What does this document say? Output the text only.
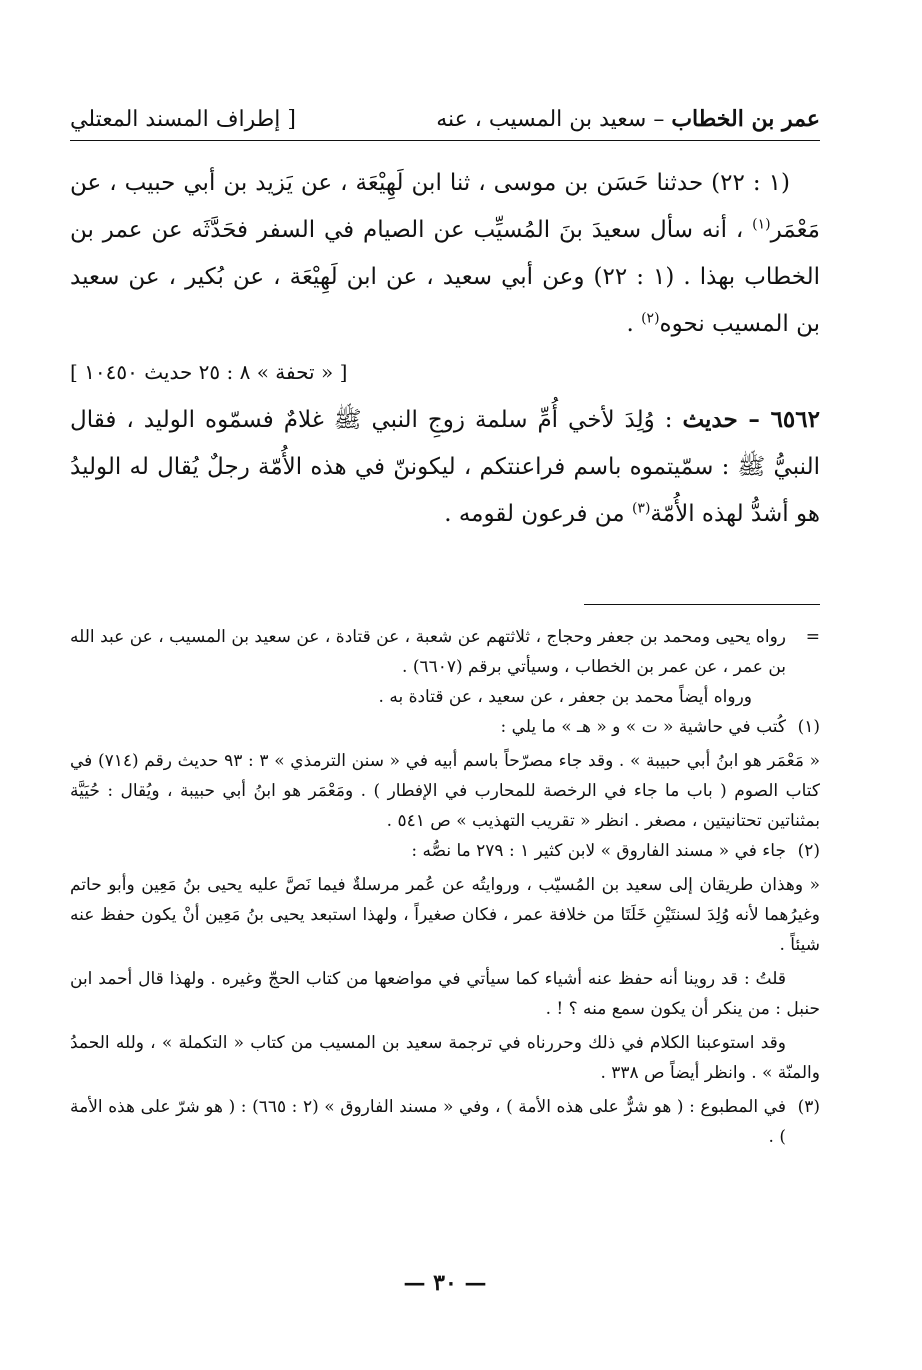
عمر بن الخطاب – سعيد بن المسيب ، عنه
[ إطراف المسند المعتلي

(١ : ٢٢) حدثنا حَسَن بن موسى ، ثنا ابن لَهِيْعَة ، عن يَزيد بن أبي حبيب ، عن مَعْمَر$^{(١)}$ ، أنه سأل سعيدَ بنَ المُسيِّب عن الصيام في السفر فحَدَّثَه عن عمر بن الخطاب بهذا . (١ : ٢٢) وعن أبي سعيد ، عن ابن لَهِيْعَة ، عن بُكير ، عن سعيد بن المسيب نحوه$^{(٢)}$ .

[ « تحفة » ٨ : ٢٥ حديث ١٠٤٥٠ ]

٦٥٦٢ – حديث : وُلِدَ لأخي أُمِّ سلمة زوجِ النبي ﷺ غلامٌ فسمّوه الوليد ، فقال النبيُّ ﷺ : سمّيتموه باسم فراعنتكم ، ليكوننّ في هذه الأُمّة رجلٌ يُقال له الوليدُ هو أشدُّ لهذه الأُمّة$^{(٣)}$ من فرعون لقومه .

=

رواه يحيى ومحمد بن جعفر وحجاج ، ثلاثتهم عن شعبة ، عن قتادة ، عن سعيد بن المسيب ، عن عبد الله بن عمر ، عن عمر بن الخطاب ، وسيأتي برقم (٦٦٠٧) .

ورواه أيضاً محمد بن جعفر ، عن سعيد ، عن قتادة به .

(١)

كُتب في حاشية « ت » و « هـ » ما يلي :

« مَعْمَر هو ابنُ أبي حبيبة » . وقد جاء مصرّحاً باسم أبيه في « سنن الترمذي » ٣ : ٩٣ حديث رقم (٧١٤) في كتاب الصوم ( باب ما جاء في الرخصة للمحارب في الإفطار ) . ومَعْمَر هو ابنُ أبي حبيبة ، ويُقال : حُيَيَّة بمثناتين تحتانيتين ، مصغر . انظر « تقريب التهذيب » ص ٥٤١ .

(٢)

جاء في « مسند الفاروق » لابن كثير ١ : ٢٧٩ ما نصُّه :

« وهذان طريقان إلى سعيد بن المُسيّب ، وروايتُه عن عُمر مرسلةٌ فيما نَصَّ عليه يحيى بنُ مَعِين وأبو حاتم وغيرُهما لأنه وُلِدَ لسنتَيْنِ خَلَتَا من خلافة عمر ، فكان صغيراً ، ولهذا استبعد يحيى بنُ مَعِين أنْ يكون حفظ عنه شيئاً .

قلتُ : قد روينا أنه حفظ عنه أشياء كما سيأتي في مواضعها من كتاب الحجّ وغيره . ولهذا قال أحمد ابن حنبل : من ينكر أن يكون سمع منه ؟ ! .

وقد استوعبنا الكلام في ذلك وحررناه في ترجمة سعيد بن المسيب من كتاب « التكملة » ، ولله الحمدُ والمنّة » . وانظر أيضاً ص ٣٣٨ .

(٣)

في المطبوع : ( هو شرٌّ على هذه الأمة ) ، وفي « مسند الفاروق » (٢ : ٦٦٥) : ( هو شرّ على هذه الأمة ) .

— ٣٠ —
